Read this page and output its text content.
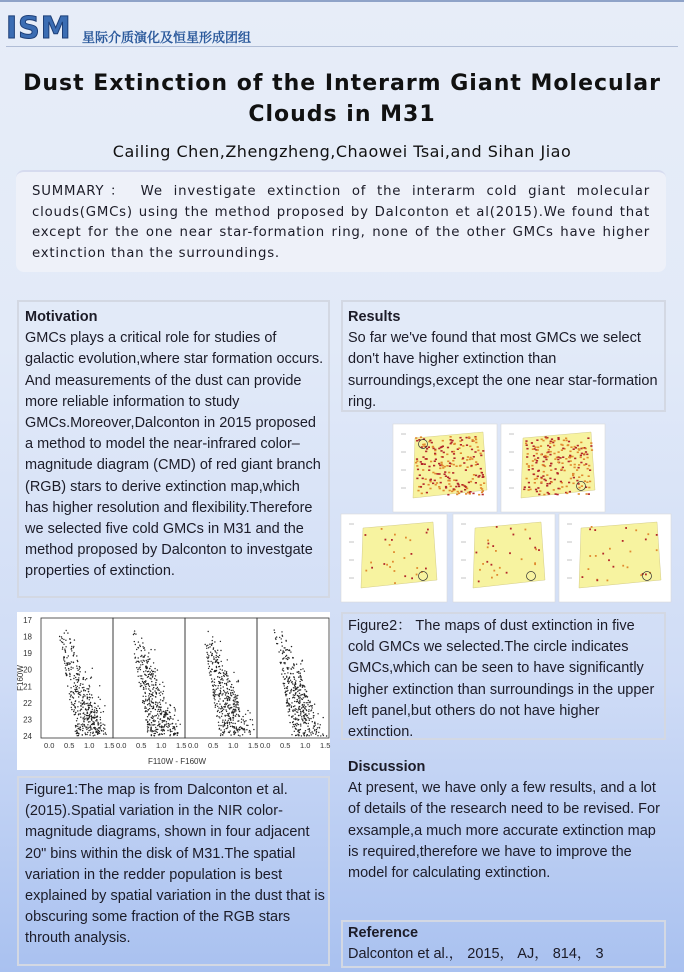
ISM 星际介质演化及恒星形成团组
Dust Extinction of the Interarm Giant Molecular
Clouds in M31
Cailing Chen,Zhengzheng,Chaowei Tsai,and Sihan Jiao

SUMMARY： We investigate extinction of the interarm cold giant molecular clouds(GMCs) using the method proposed by Dalconton et al(2015).We found that except for the one near star-formation ring, none of the other GMCs have higher extinction than the surroundings.

Motivation

GMCs plays a critical role for studies of galactic evolution,where star formation occurs. And measurements of the dust can provide more reliable information to study GMCs.Moreover,Dalconton in 2015 proposed a method to model the near-infrared color– magnitude diagram (CMD) of red giant branch (RGB) stars to derive extinction map,which has higher resolution and flexibility.Therefore we selected five cold GMCs in M31 and the method proposed by Dalconton to investgate properties of extinction.

17
18
19
20
21
22
23
24
F160W
0.0 0.5 1.0 1.5 0.0 0.5 1.0 1.5 0.0 0.5 1.0 1.5 0.0 0.5 1.0 1.5
F110W - F160W

Figure1:The map is from Dalconton et al.(2015).Spatial variation in the NIR color-magnitude diagrams, shown in four adjacent 20" bins within the disk of M31.The spatial variation in the redder population is best explained by spatial variation in the dust that is obscuring some fraction of the RGB stars throuth analysis.

Results

So far we've found that most GMCs we select don't have higher extinction than surroundings,except the one near star-formation ring.

Figure2： The maps of dust extinction in five cold GMCs we selected.The circle indicates GMCs,which can be seen to have significantly higher extinction than surroundings in the upper left panel,but others do not have higher extinction.

Discussion

At present, we have only a few results, and a lot of details of the research need to be revised. For exsample,a much more accurate extinction map is required,therefore we have to improve the model for calculating extinction.

Reference

Dalconton et al.， 2015， AJ， 814， 3
